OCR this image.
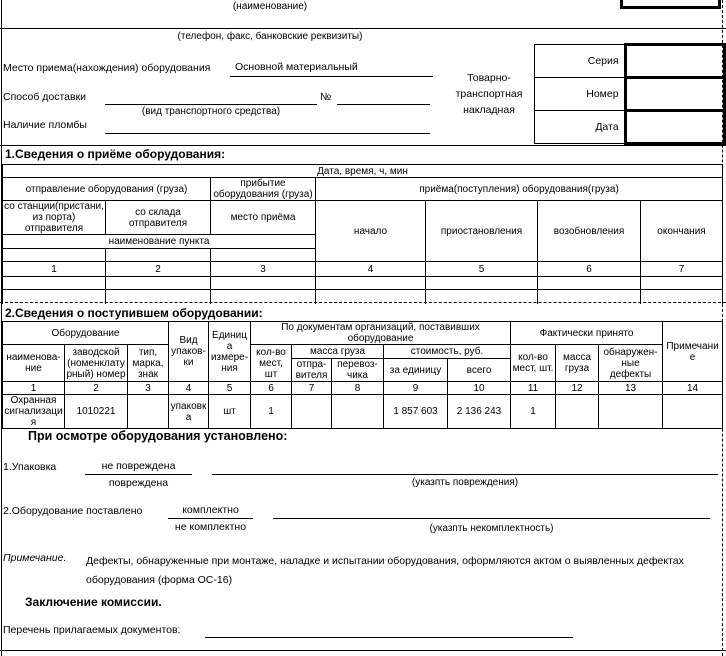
(наименование)
(телефон, факс, банковские реквизиты)
Место приема(нахождения) оборудования	Основной материальный
Способ доставки	№
(вид транспортного средства)
Наличие пломбы
Товарно-
транспортная
накладная
Серия	
Номер	
Дата	
1.Сведения о приёме оборудования:
Дата, время, ч, мин						
отправление оборудования (груза)		прибытие оборудования (груза)	приёма(поступления) оборудования(груза)			
со станции(пристани, из порта) отправителя	со склада отправителя	место приёма	начало	приостановления	возобновления	окончания
наименование пункта						

1	2	3	4	5	6	7

2.Сведения о поступившем оборудовании:
Оборудование			Вид упаков-ки	Единица измере-ния	По документам организаций, поставивших оборудование					Фактически принято			Примечание
наименова-ние	заводской (номенклатурный) номер	тип, марка, знак			кол-во мест, шт	масса груза		стоимость, руб.		кол-во мест, шт.	масса груза	обнаружен-ные дефекты	
						отпра-вителя	перевоз-чика	за единицу	всего				
1	2	3	4	5	6	7	8	9	10	11	12	13	14
Охранная сигнализация	1010221		упаковка	шт	1			1 857 603	2 136 243	1			
При осмотре оборудования установлено:
1.Упаковка	не повреждена
повреждена	(указпть повреждения)
2.Оборудование поставлено	комплектно
не комплектно	(указпть некомплектность)
Примечание. Дефекты, обнаруженные при монтаже, наладке и испытании оборудования, оформляются актом о выявленных дефектах оборудования (форма ОС-16)
Заключение комиссии.
Перечень прилагаемых документов:
